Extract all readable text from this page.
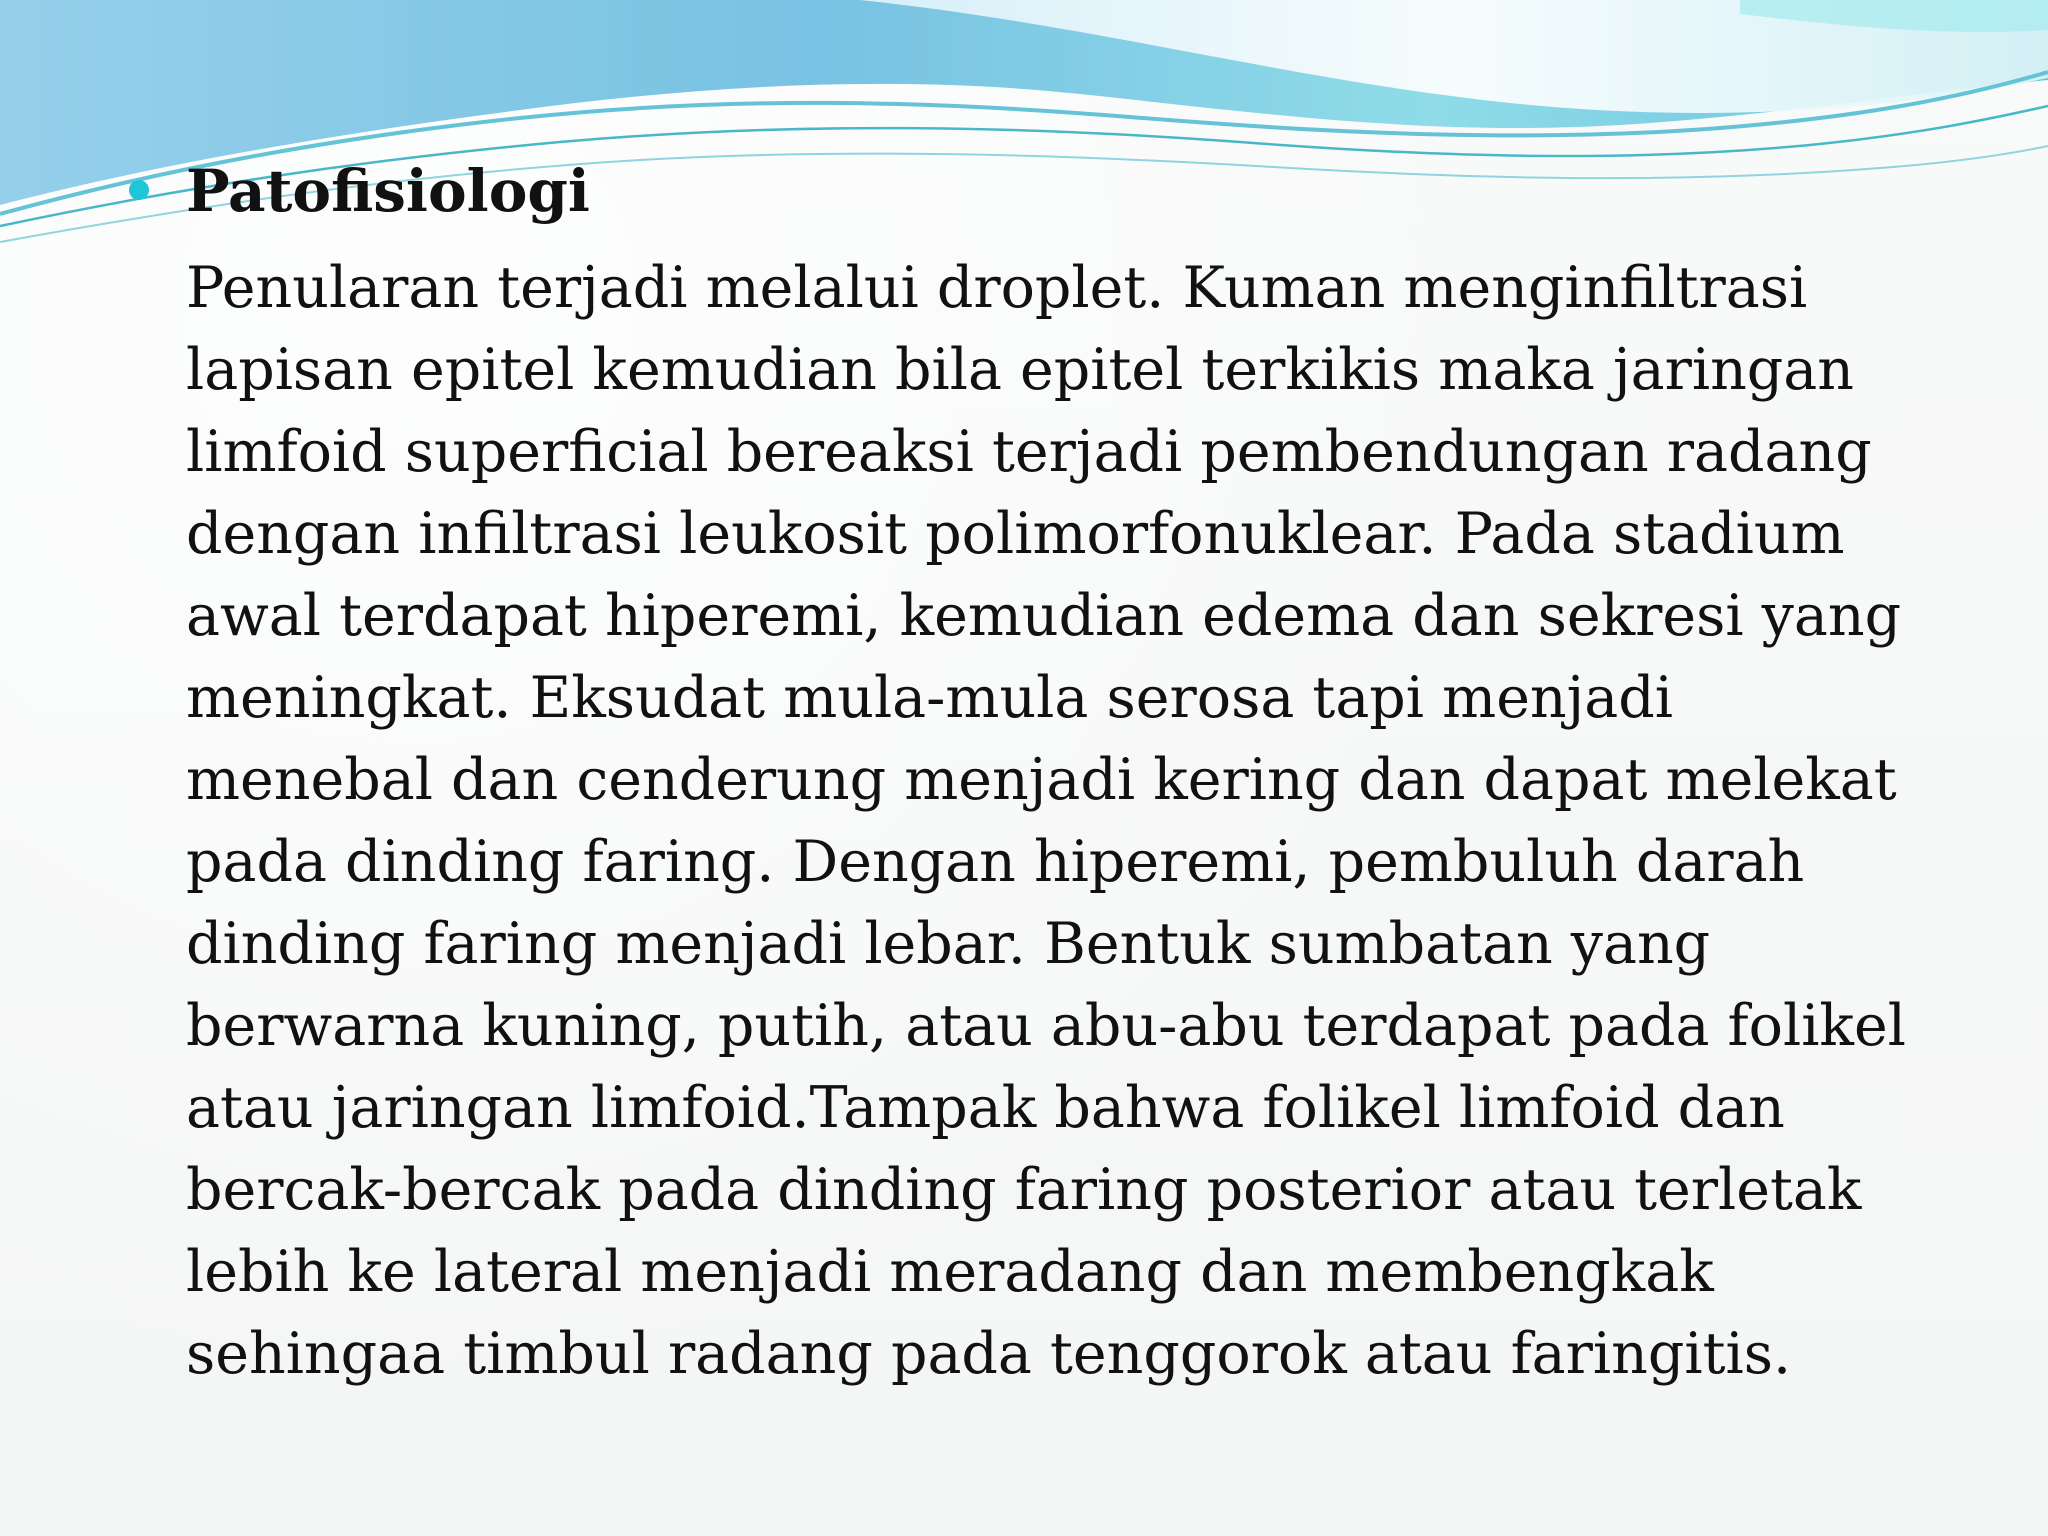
Patofisiologi
Penularan terjadi melalui droplet. Kuman menginfiltrasi
lapisan epitel kemudian bila epitel terkikis maka jaringan
limfoid superficial bereaksi terjadi pembendungan radang
dengan infiltrasi leukosit polimorfonuklear. Pada stadium
awal terdapat hiperemi, kemudian edema dan sekresi yang
meningkat. Eksudat mula-mula serosa tapi menjadi
menebal dan cenderung menjadi kering dan dapat melekat
pada dinding faring. Dengan hiperemi, pembuluh darah
dinding faring menjadi lebar. Bentuk sumbatan yang
berwarna kuning, putih, atau abu-abu terdapat pada folikel
atau jaringan limfoid.Tampak bahwa folikel limfoid dan
bercak-bercak pada dinding faring posterior atau terletak
lebih ke lateral menjadi meradang dan membengkak
sehingaa timbul radang pada tenggorok atau faringitis.
